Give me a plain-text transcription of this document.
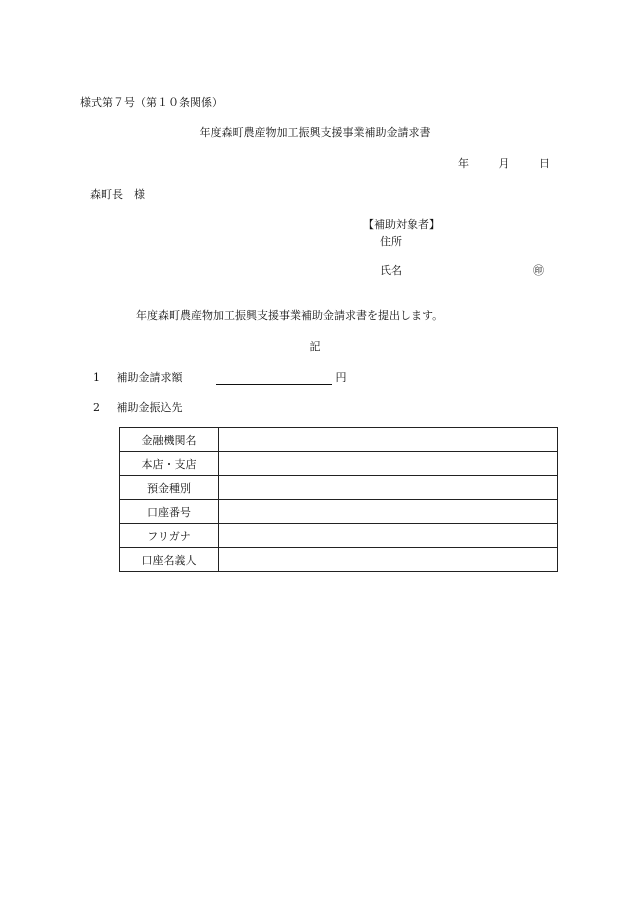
様式第７号（第１０条関係）
年度森町農産物加工振興支援事業補助金請求書
年	月	日
森町長　様
【補助対象者】
住所
氏名	㊞
年度森町農産物加工振興支援事業補助金請求書を提出します。
記
1 補助金請求額	円
2 補助金振込先
金融機関名	
本店・支店	
預金種別	
口座番号	
フリガナ	
口座名義人	
